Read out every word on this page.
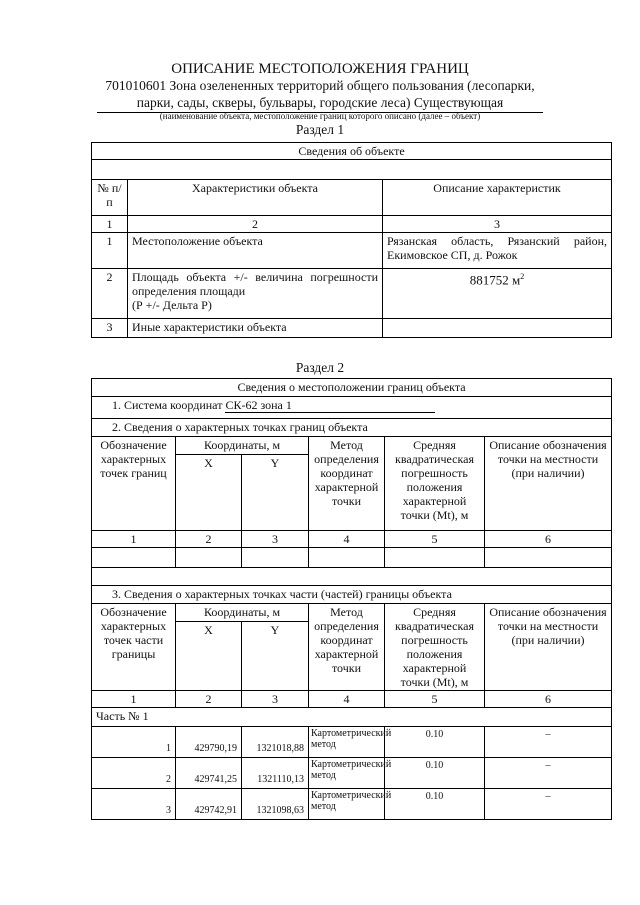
ОПИСАНИЕ МЕСТОПОЛОЖЕНИЯ ГРАНИЦ
701010601 Зона озелененных территорий общего пользования (лесопарки,
парки, сады, скверы, бульвары, городские леса) Существующая
(наименование объекта, местоположение границ которого описано (далее – объект)
Раздел 1
Сведения об объекте		

№ п/п	Характеристики объекта	Описание характеристик
1	2	3
1	Местоположение объекта	Рязанская область, Рязанский район, Екимовское СП, д. Рожок
2	Площадь объекта +/- величина погрешности определения площади
(Р +/- Дельта Р)	881752 $м^2$
3	Иные характеристики объекта	
Раздел 2
Сведения о местоположении границ объекта					
1. Система координат СК-62 зона 1					
2. Сведения о характерных точках границ объекта					
Обозначение характерных точек границ	Координаты, м		Метод определения координат характерной точки	Средняя квадратическая погрешность положения характерной точки (Mt), м	Описание обозначения точки на местности (при наличии)
	X	Y			
1	2	3	4	5	6

3. Сведения о характерных точках части (частей) границы объекта					
Обозначение характерных точек части границы	Координаты, м		Метод определения координат характерной точки	Средняя квадратическая погрешность положения характерной точки (Mt), м	Описание обозначения точки на местности (при наличии)
	X	Y			
1	2	3	4	5	6
Часть № 1					
1	429790,19	1321018,88	Картометрический метод	0.10	–
2	429741,25	1321110,13	Картометрический метод	0.10	–
3	429742,91	1321098,63	Картометрический метод	0.10	–
